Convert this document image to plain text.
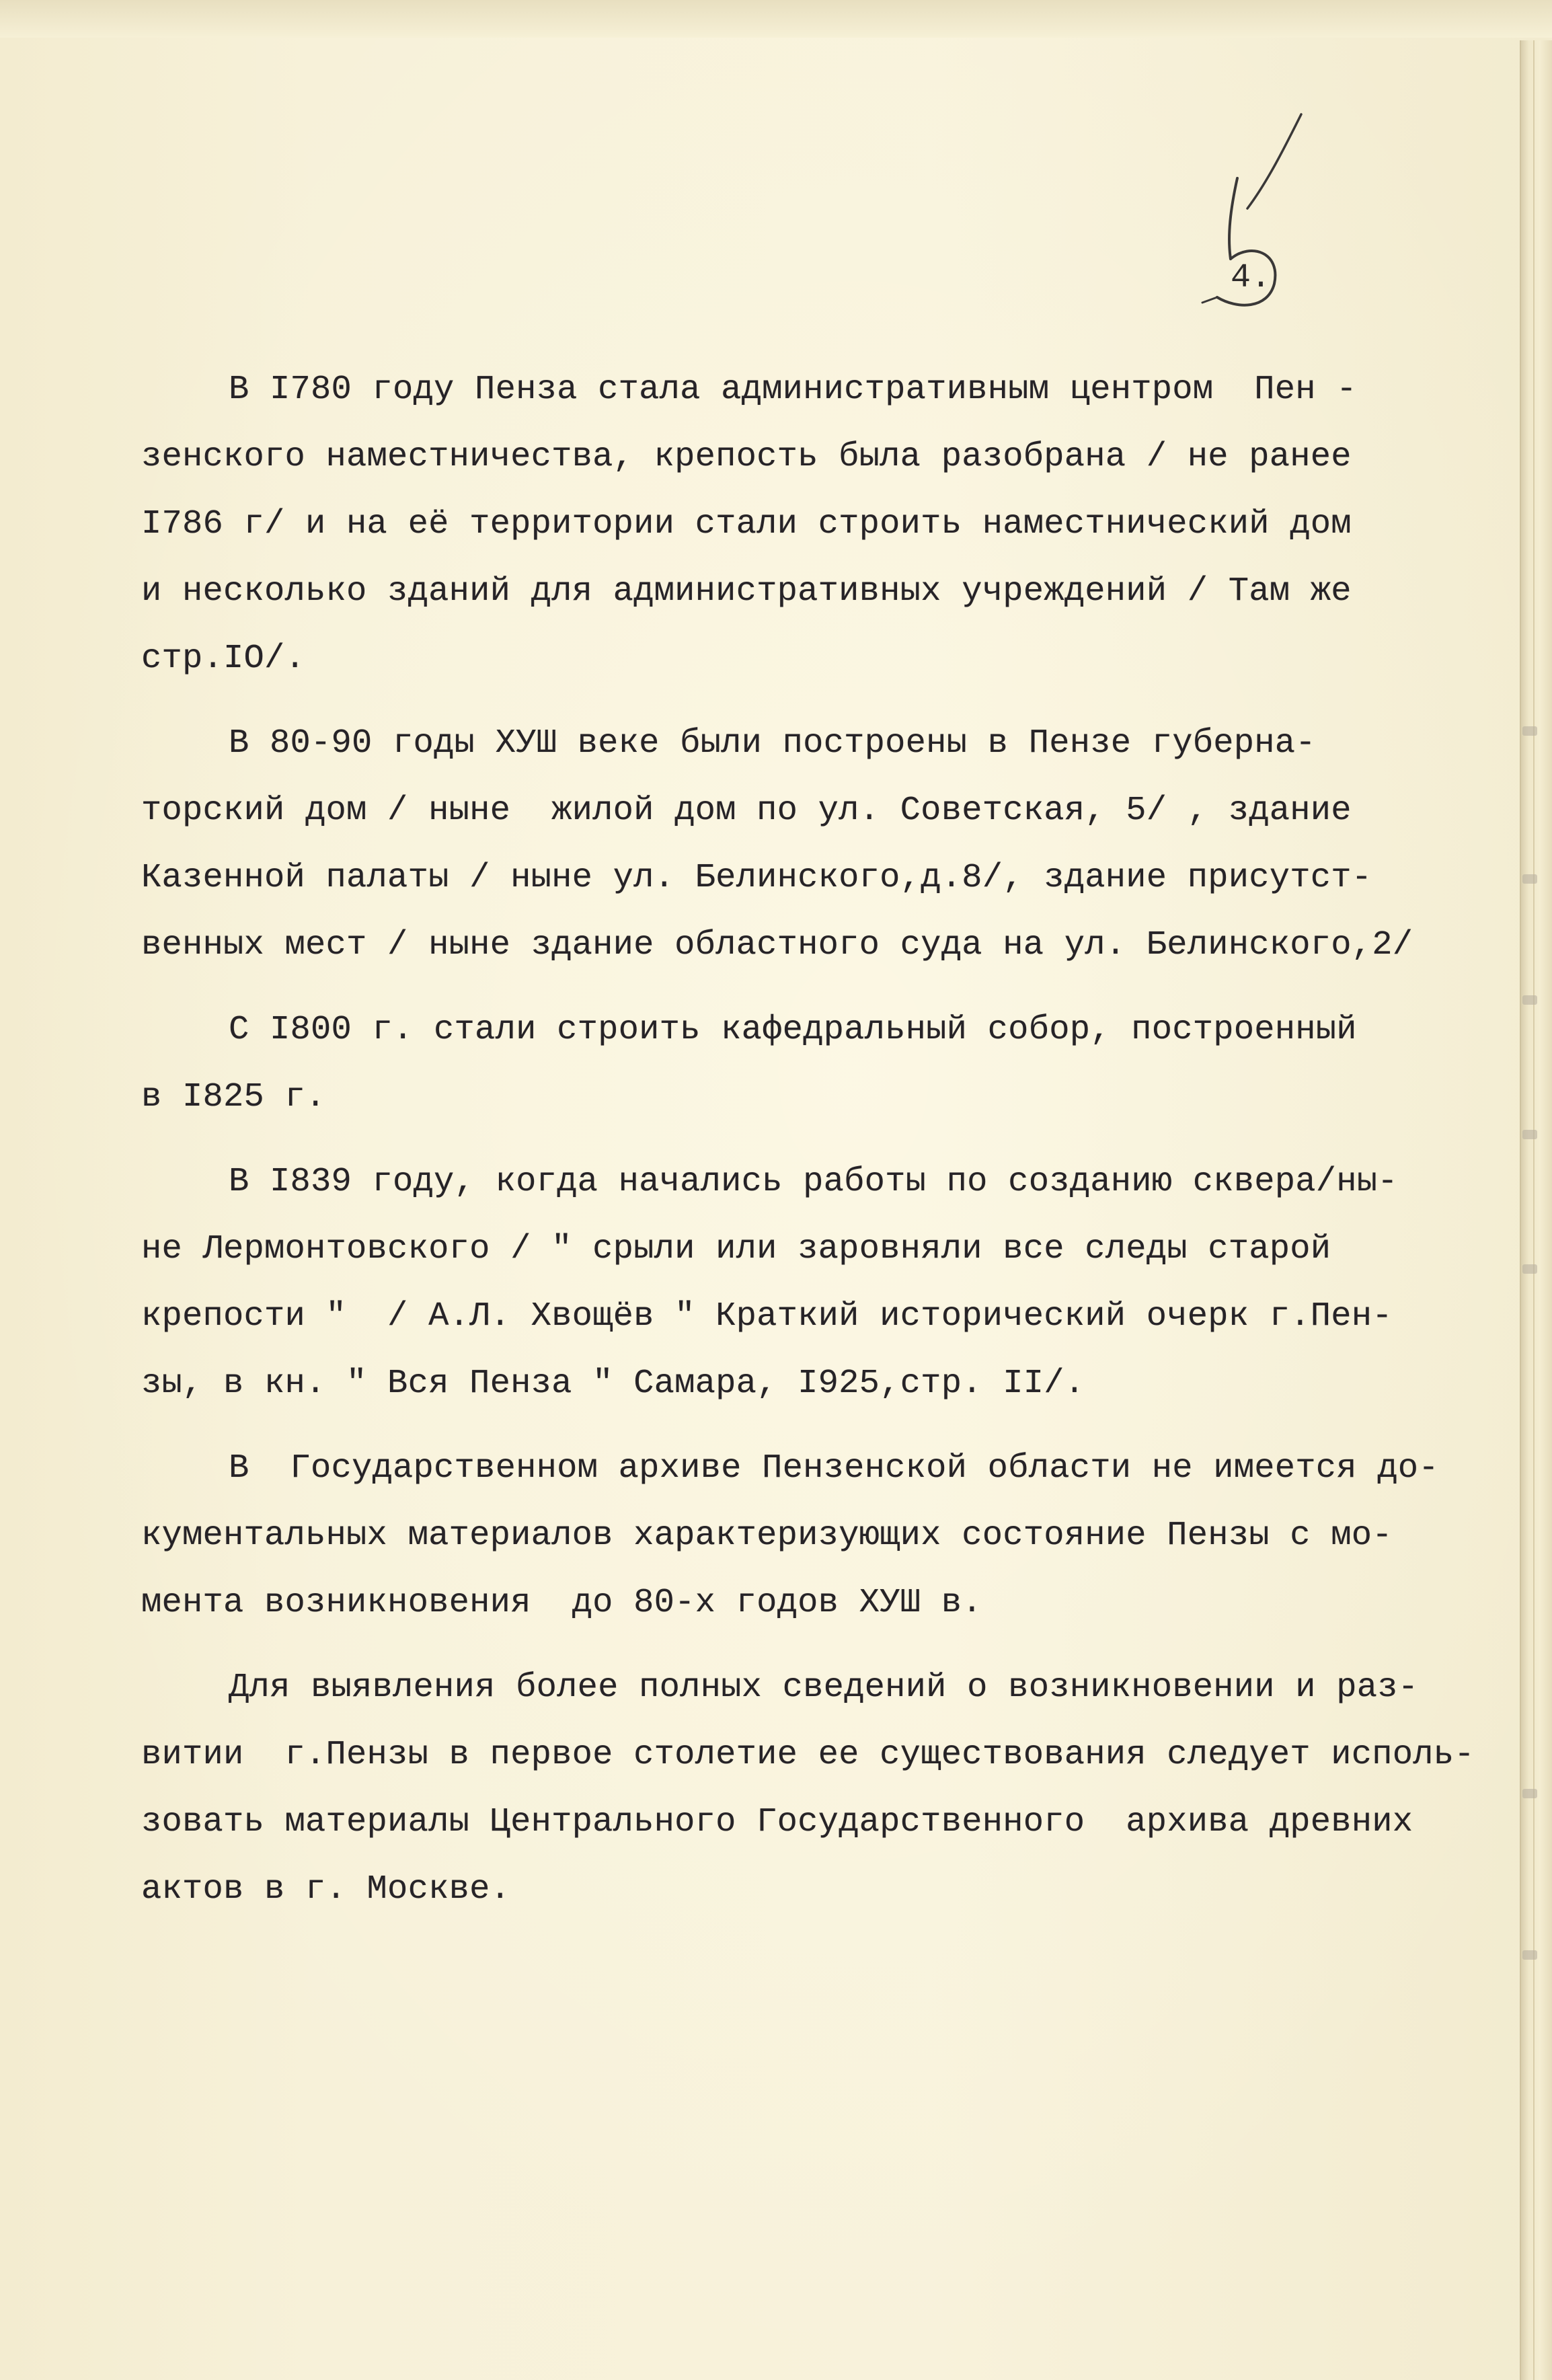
4.
В I780 году Пенза стала административным центром  Пен -
зенского наместничества, крепость была разобрана / не ранее
I786 г/ и на её территории стали строить наместнический дом
и несколько зданий для административных учреждений / Там же
стр.IO/.
В 80-90 годы ХУШ веке были построены в Пензе губерна-
торский дом / ныне  жилой дом по ул. Советская, 5/ , здание
Казенной палаты / ныне ул. Белинского,д.8/, здание присутст-
венных мест / ныне здание областного суда на ул. Белинского,2/
С I800 г. стали строить кафедральный собор, построенный
в I825 г.
В I839 году, когда начались работы по созданию сквера/ны-
не Лермонтовского / " срыли или заровняли все следы старой
крепости "  / А.Л. Хвощёв " Краткий исторический очерк г.Пен-
зы, в кн. " Вся Пенза " Самара, I925,стр. II/.
В  Государственном архиве Пензенской области не имеется до-
кументальных материалов характеризующих состояние Пензы с мо-
мента возникновения  до 80-х годов ХУШ в.
Для выявления более полных сведений о возникновении и раз-
витии  г.Пензы в первое столетие ее существования следует исполь-
зовать материалы Центрального Государственного  архива древних
актов в г. Москве.
